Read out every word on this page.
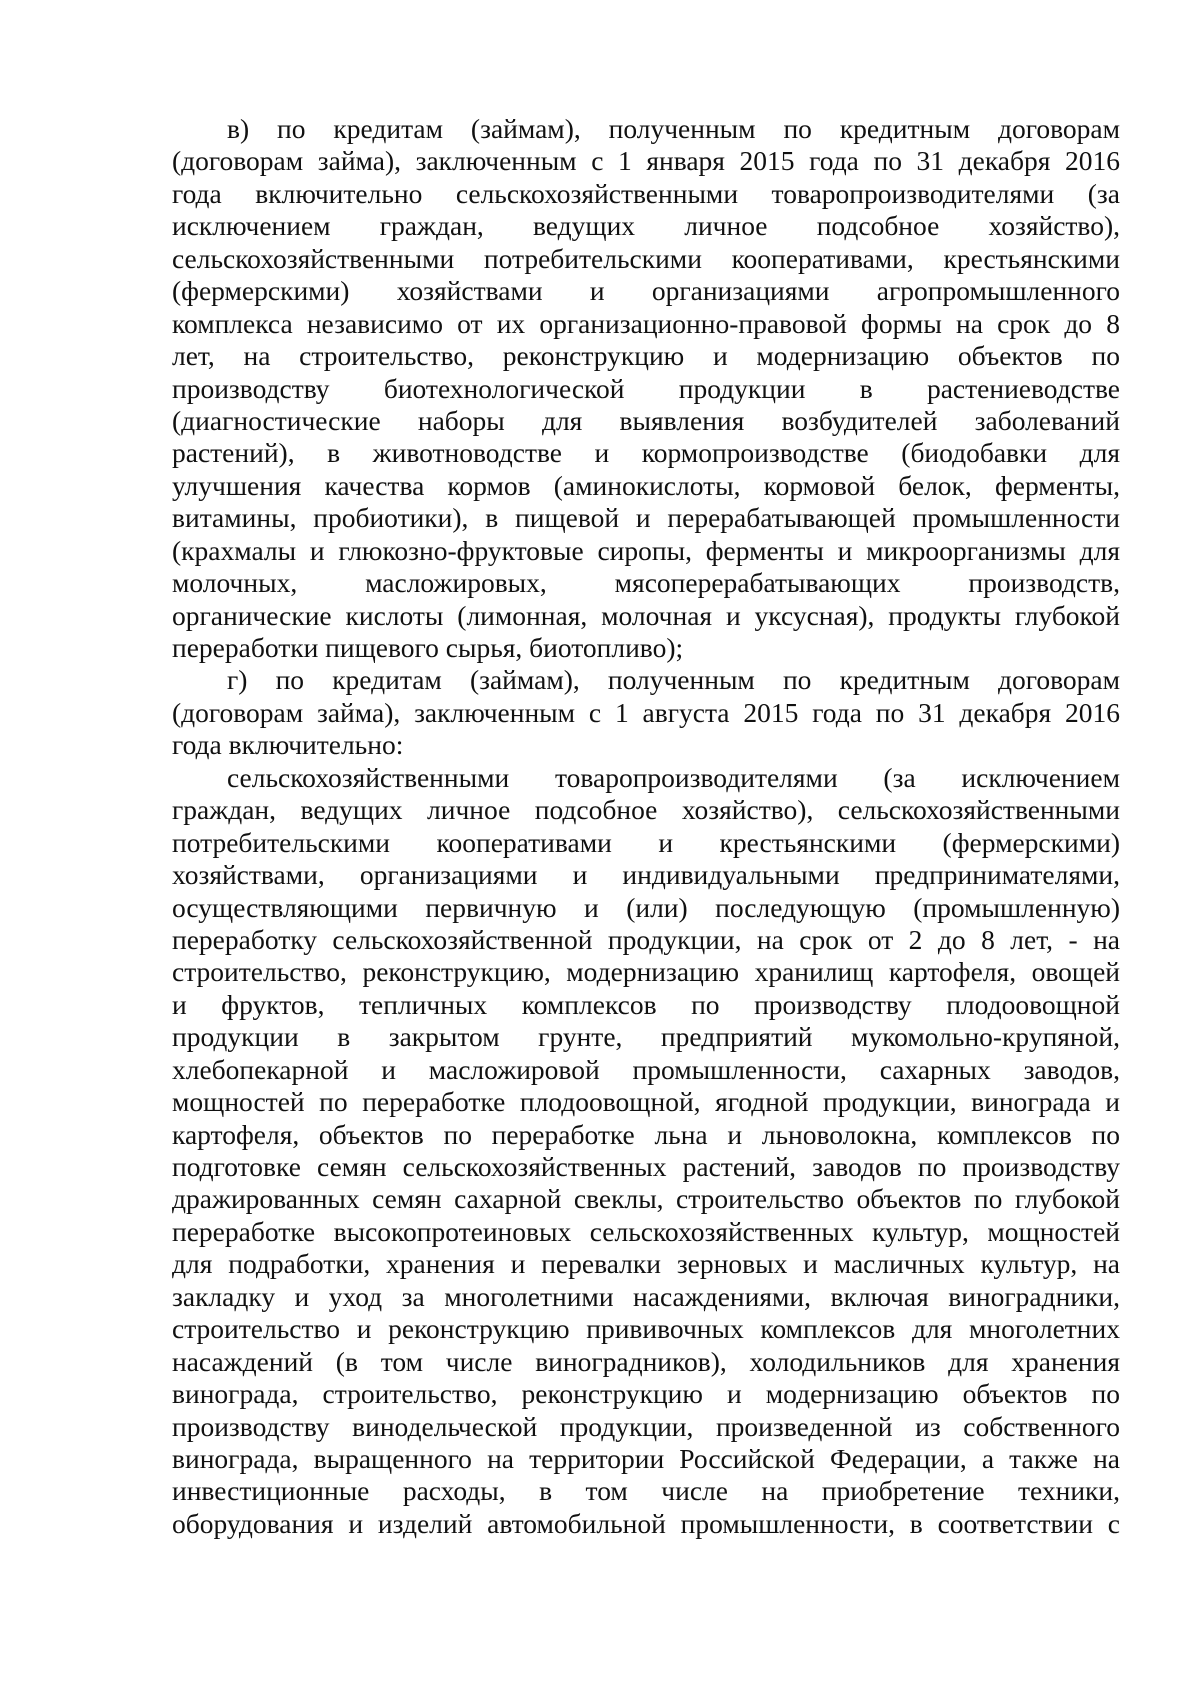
в) по кредитам (займам), полученным по кредитным договорам
(договорам займа), заключенным с 1 января 2015 года по 31 декабря 2016
года включительно сельскохозяйственными товаропроизводителями (за
исключением граждан, ведущих личное подсобное хозяйство),
сельскохозяйственными потребительскими кооперативами, крестьянскими
(фермерскими) хозяйствами и организациями агропромышленного
комплекса независимо от их организационно-правовой формы на срок до 8
лет, на строительство, реконструкцию и модернизацию объектов по
производству биотехнологической продукции в растениеводстве
(диагностические наборы для выявления возбудителей заболеваний
растений), в животноводстве и кормопроизводстве (биодобавки для
улучшения качества кормов (аминокислоты, кормовой белок, ферменты,
витамины, пробиотики), в пищевой и перерабатывающей промышленности
(крахмалы и глюкозно-фруктовые сиропы, ферменты и микроорганизмы для
молочных, масложировых, мясоперерабатывающих производств,
органические кислоты (лимонная, молочная и уксусная), продукты глубокой
переработки пищевого сырья, биотопливо);
г) по кредитам (займам), полученным по кредитным договорам
(договорам займа), заключенным с 1 августа 2015 года по 31 декабря 2016
года включительно:
сельскохозяйственными товаропроизводителями (за исключением
граждан, ведущих личное подсобное хозяйство), сельскохозяйственными
потребительскими кооперативами и крестьянскими (фермерскими)
хозяйствами, организациями и индивидуальными предпринимателями,
осуществляющими первичную и (или) последующую (промышленную)
переработку сельскохозяйственной продукции, на срок от 2 до 8 лет, - на
строительство, реконструкцию, модернизацию хранилищ картофеля, овощей
и фруктов, тепличных комплексов по производству плодоовощной
продукции в закрытом грунте, предприятий мукомольно-крупяной,
хлебопекарной и масложировой промышленности, сахарных заводов,
мощностей по переработке плодоовощной, ягодной продукции, винограда и
картофеля, объектов по переработке льна и льноволокна, комплексов по
подготовке семян сельскохозяйственных растений, заводов по производству
дражированных семян сахарной свеклы, строительство объектов по глубокой
переработке высокопротеиновых сельскохозяйственных культур, мощностей
для подработки, хранения и перевалки зерновых и масличных культур, на
закладку и уход за многолетними насаждениями, включая виноградники,
строительство и реконструкцию прививочных комплексов для многолетних
насаждений (в том числе виноградников), холодильников для хранения
винограда, строительство, реконструкцию и модернизацию объектов по
производству винодельческой продукции, произведенной из собственного
винограда, выращенного на территории Российской Федерации, а также на
инвестиционные расходы, в том числе на приобретение техники,
оборудования и изделий автомобильной промышленности, в соответствии с
